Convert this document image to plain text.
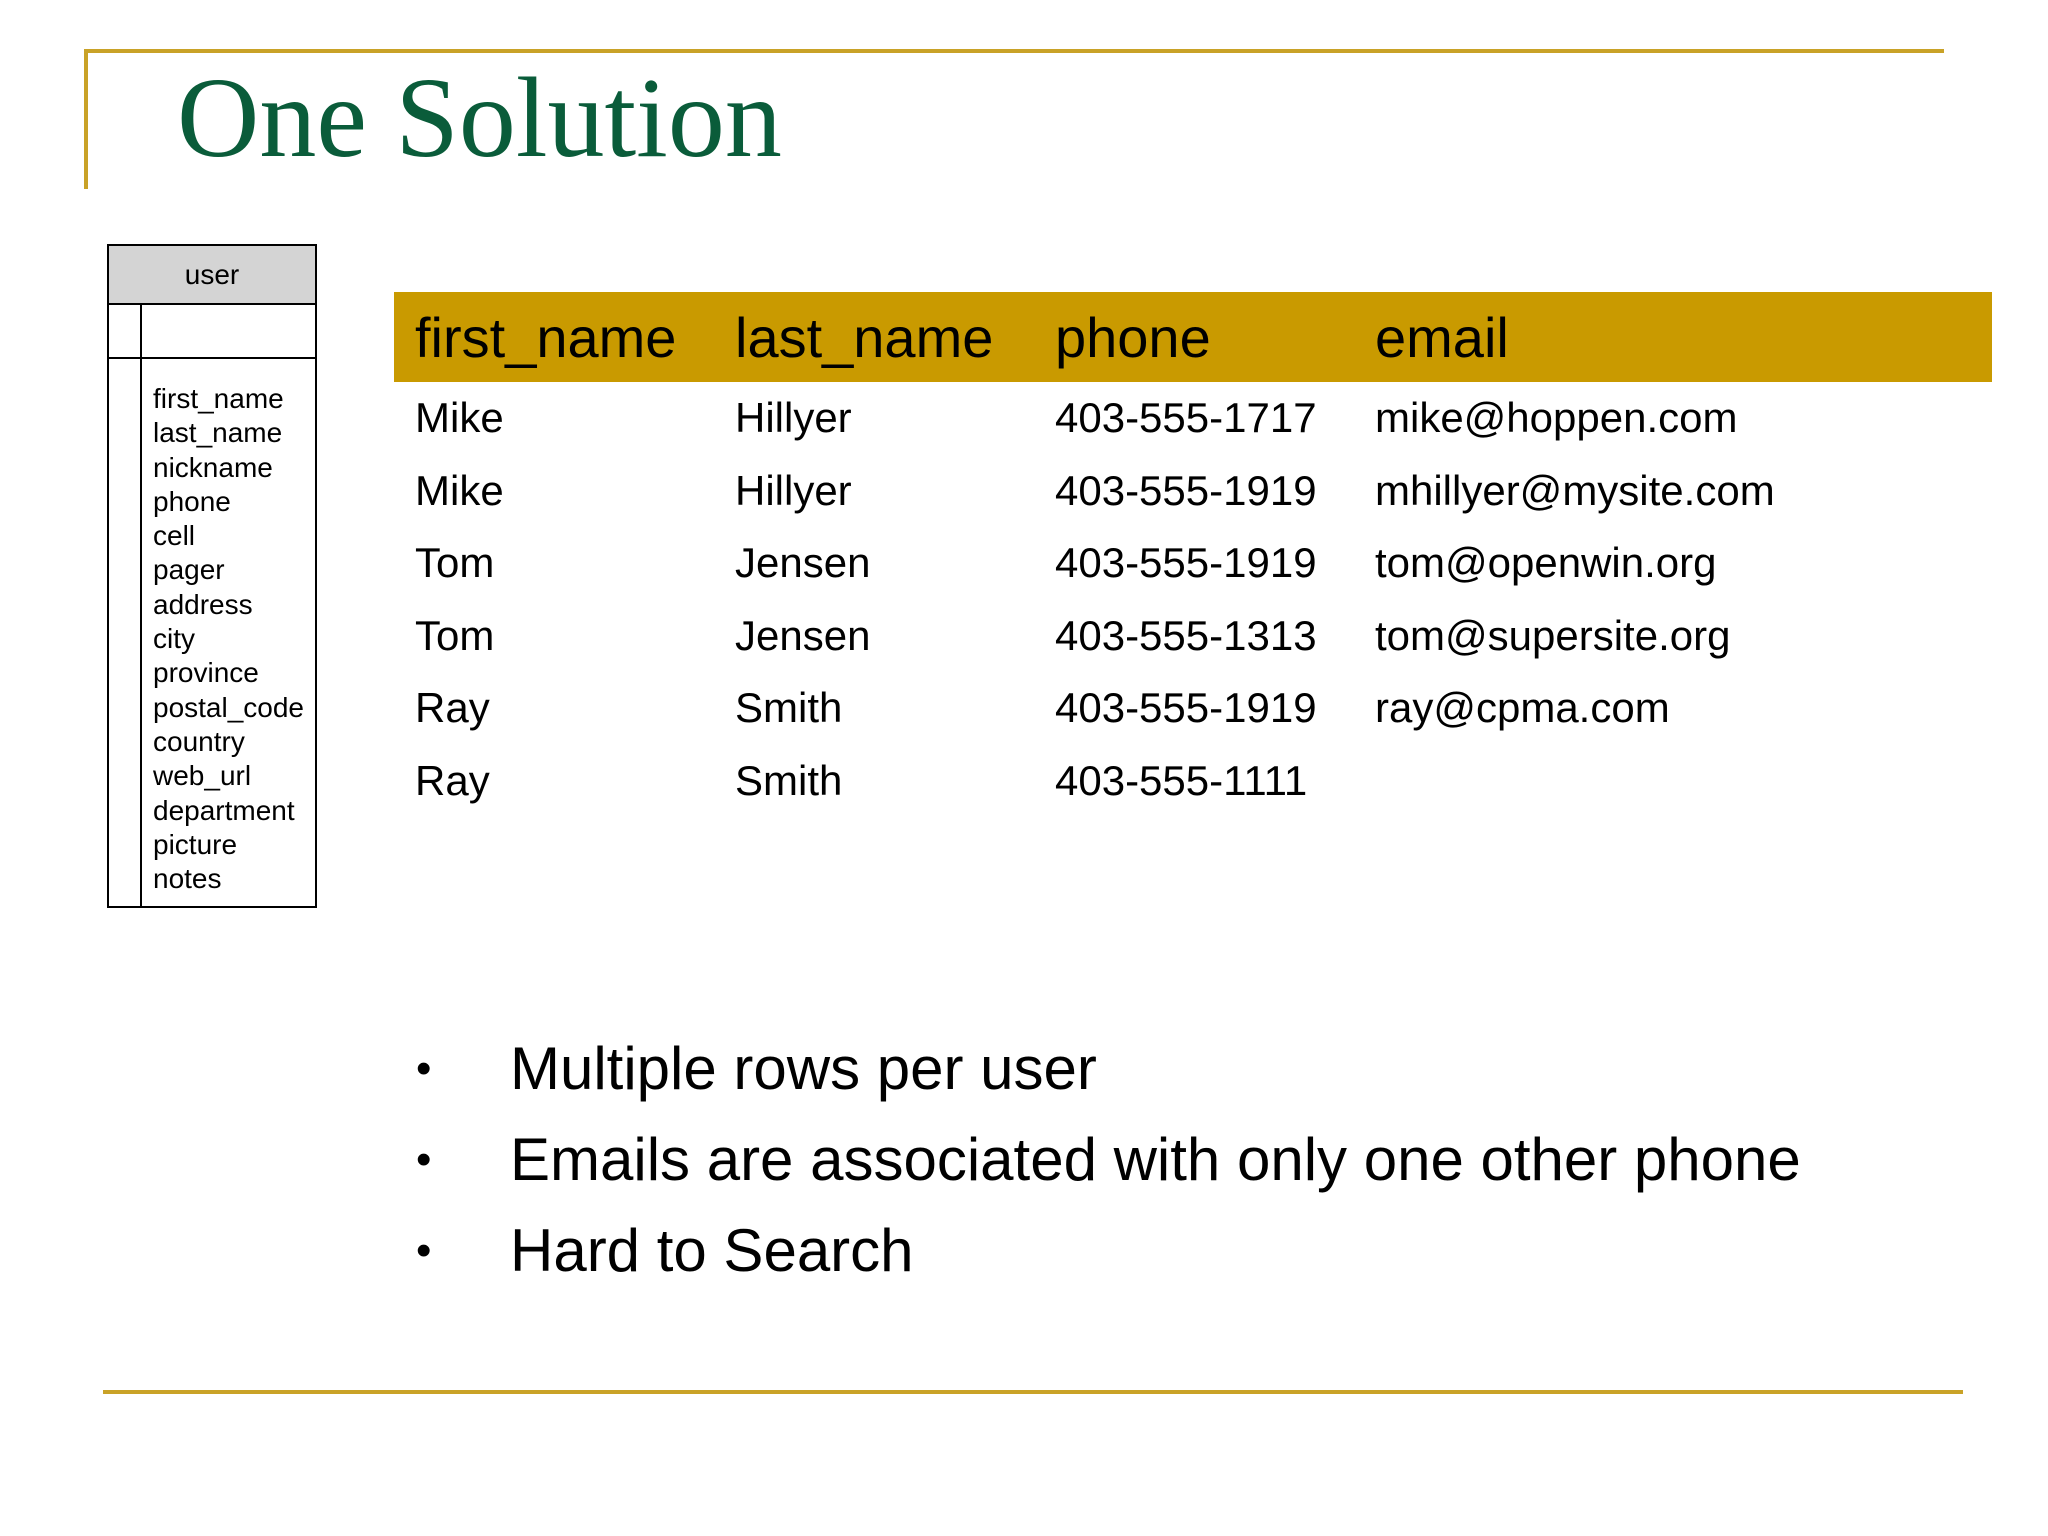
One Solution
user
first_name
last_name
nickname
phone
cell
pager
address
city
province
postal_code
country
web_url
department
picture
notes
first_name	last_name	phone	email
Mike	Hillyer	403-555-1717	mike@hoppen.com
Mike	Hillyer	403-555-1919	mhillyer@mysite.com
Tom	Jensen	403-555-1919	tom@openwin.org
Tom	Jensen	403-555-1313	tom@supersite.org
Ray	Smith	403-555-1919	ray@cpma.com
Ray	Smith	403-555-1111
•	Multiple rows per user
•	Emails are associated with only one other phone
•	Hard to Search
